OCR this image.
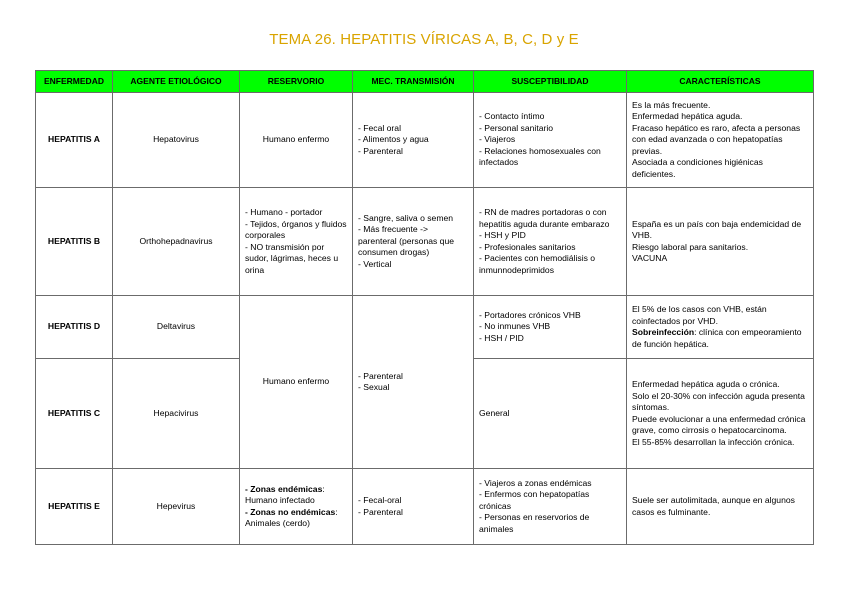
TEMA 26. HEPATITIS VÍRICAS A, B, C, D y E
ENFERMEDAD	AGENTE ETIOLÓGICO	RESERVORIO	MEC. TRANSMISIÓN	SUSCEPTIBILIDAD	CARACTERÍSTICAS
HEPATITIS A	Hepatovirus	Humano enfermo	- Fecal oral
- Alimentos y agua
- Parenteral	- Contacto íntimo
- Personal sanitario
- Viajeros
- Relaciones homosexuales con infectados	Es la más frecuente.
Enfermedad hepática aguda.
Fracaso hepático es raro, afecta a personas con edad avanzada o con hepatopatías previas.
Asociada a condiciones higiénicas deficientes.

HEPATITIS B	Orthohepadnavirus	- Humano - portador
- Tejidos, órganos y fluidos corporales
- NO transmisión por sudor, lágrimas, heces u orina	- Sangre, saliva o semen
- Más frecuente -> parenteral (personas que consumen drogas)
- Vertical	- RN de madres portadoras o con hepatitis aguda durante embarazo
- HSH y PID
- Profesionales sanitarios
- Pacientes con hemodiálisis o inmunnodeprimidos	España es un país con baja endemicidad de VHB.
Riesgo laboral para sanitarios.
VACUNA

HEPATITIS D	Deltavirus	Humano enfermo	- Parenteral
- Sexual	- Portadores crónicos VHB
- No inmunes VHB
- HSH / PID	El 5% de los casos con VHB, están coinfectados por VHD.
Sobreinfección: clínica con empeoramiento de función hepática.

HEPATITIS C	Hepacivirus			General	Enfermedad hepática aguda o crónica.
Solo el 20-30% con infección aguda presenta síntomas.
Puede evolucionar a una enfermedad crónica grave, como cirrosis o hepatocarcinoma.
El 55-85% desarrollan la infección crónica.

HEPATITIS E	Hepevirus	- Zonas endémicas: Humano infectado
- Zonas no endémicas: Animales (cerdo)	- Fecal-oral
- Parenteral	- Viajeros a zonas endémicas
- Enfermos con hepatopatías crónicas
- Personas en reservorios de animales	Suele ser autolimitada, aunque en algunos casos es fulminante.
